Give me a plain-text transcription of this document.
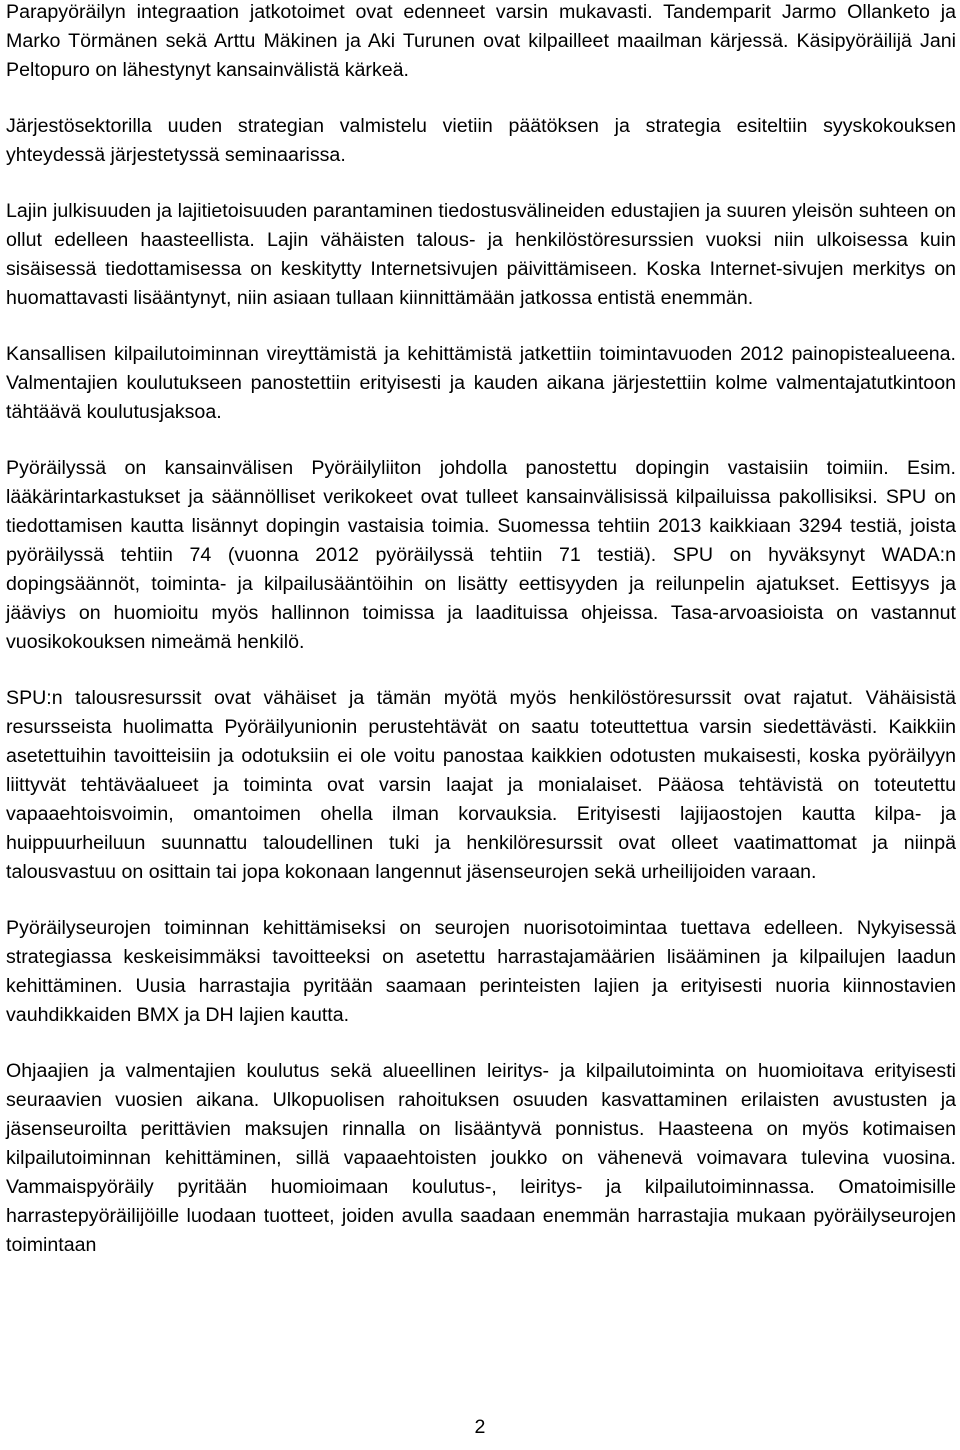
Parapyöräilyn integraation jatkotoimet ovat edenneet varsin mukavasti. Tandemparit Jarmo Ollanketo ja Marko Törmänen sekä Arttu Mäkinen ja Aki Turunen ovat kilpailleet maailman kärjessä. Käsipyöräilijä Jani Peltopuro on lähestynyt kansainvälistä kärkeä.

Järjestösektorilla uuden strategian valmistelu vietiin päätöksen ja strategia esiteltiin syyskokouksen yhteydessä järjestetyssä seminaarissa.

Lajin julkisuuden ja lajitietoisuuden parantaminen tiedostusvälineiden edustajien ja suuren yleisön suhteen on ollut edelleen haasteellista. Lajin vähäisten talous- ja henkilöstöresurssien vuoksi niin ulkoisessa kuin sisäisessä tiedottamisessa on keskitytty Internetsivujen päivittämiseen. Koska Internet-sivujen merkitys on huomattavasti lisääntynyt, niin asiaan tullaan kiinnittämään jatkossa entistä enemmän.

Kansallisen kilpailutoiminnan vireyttämistä ja kehittämistä jatkettiin toimintavuoden 2012 painopistealueena. Valmentajien koulutukseen panostettiin erityisesti ja kauden aikana järjestettiin kolme valmentajatutkintoon tähtäävä koulutusjaksoa.

Pyöräilyssä on kansainvälisen Pyöräilyliiton johdolla panostettu dopingin vastaisiin toimiin. Esim. lääkärintarkastukset ja säännölliset verikokeet ovat tulleet kansainvälisissä kilpailuissa pakollisiksi. SPU on tiedottamisen kautta lisännyt dopingin vastaisia toimia. Suomessa tehtiin 2013 kaikkiaan 3294 testiä, joista pyöräilyssä tehtiin 74 (vuonna 2012 pyöräilyssä tehtiin 71 testiä). SPU on hyväksynyt WADA:n dopingsäännöt, toiminta- ja kilpailusääntöihin on lisätty eettisyyden ja reilunpelin ajatukset. Eettisyys ja jääviys on huomioitu myös hallinnon toimissa ja laadituissa ohjeissa. Tasa-arvoasioista on vastannut vuosikokouksen nimeämä henkilö.

SPU:n talousresurssit ovat vähäiset ja tämän myötä myös henkilöstöresurssit ovat rajatut. Vähäisistä resursseista huolimatta Pyöräilyunionin perustehtävät on saatu toteuttettua varsin siedettävästi. Kaikkiin asetettuihin tavoitteisiin ja odotuksiin ei ole voitu panostaa kaikkien odotusten mukaisesti, koska pyöräilyyn liittyvät tehtäväalueet ja toiminta ovat varsin laajat ja monialaiset. Pääosa tehtävistä on toteutettu vapaaehtoisvoimin, omantoimen ohella ilman korvauksia. Erityisesti lajijaostojen kautta kilpa- ja huippuurheiluun suunnattu taloudellinen tuki ja henkilöresurssit ovat olleet vaatimattomat ja niinpä talousvastuu on osittain tai jopa kokonaan langennut jäsenseurojen sekä urheilijoiden varaan.

Pyöräilyseurojen toiminnan kehittämiseksi on seurojen nuorisotoimintaa tuettava edelleen. Nykyisessä strategiassa keskeisimmäksi tavoitteeksi on asetettu harrastajamäärien lisääminen ja kilpailujen laadun kehittäminen. Uusia harrastajia pyritään saamaan perinteisten lajien ja erityisesti nuoria kiinnostavien vauhdikkaiden BMX ja DH lajien kautta.

Ohjaajien ja valmentajien koulutus sekä alueellinen leiritys- ja kilpailutoiminta on huomioitava erityisesti seuraavien vuosien aikana. Ulkopuolisen rahoituksen osuuden kasvattaminen erilaisten avustusten ja jäsenseuroilta perittävien maksujen rinnalla on lisääntyvä ponnistus. Haasteena on myös kotimaisen kilpailutoiminnan kehittäminen, sillä vapaaehtoisten joukko on vähenevä voimavara tulevina vuosina. Vammaispyöräily pyritään huomioimaan koulutus-, leiritys- ja kilpailutoiminnassa. Omatoimisille harrastepyöräilijöille luodaan tuotteet, joiden avulla saadaan enemmän harrastajia mukaan pyöräilyseurojen toimintaan

2
